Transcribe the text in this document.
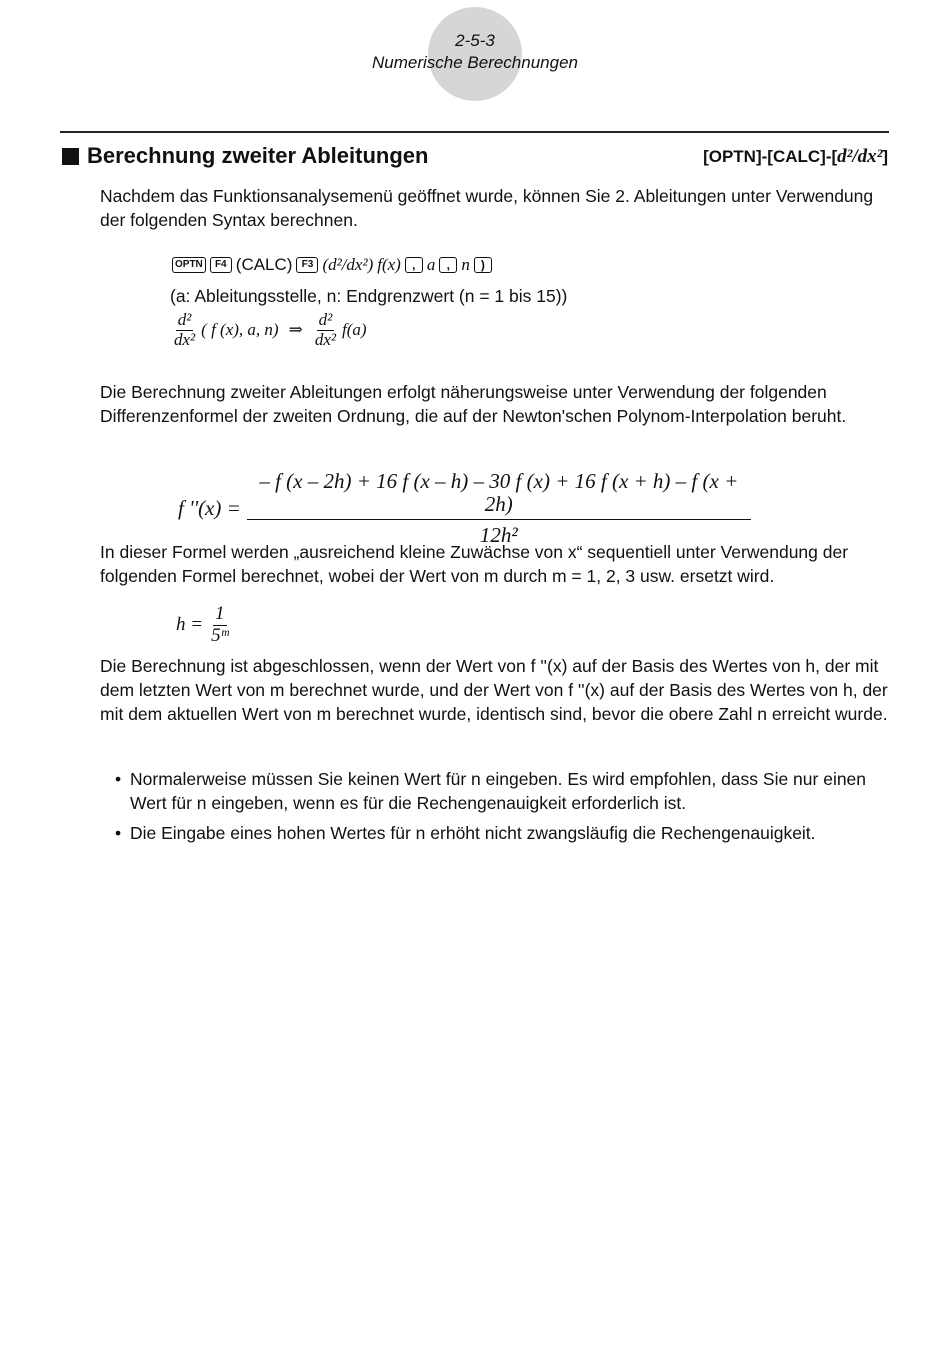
2-5-3
Numerische Berechnungen
Berechnung zweiter Ableitungen	[OPTN]-[CALC]-[d²/dx²]
Nachdem das Funktionsanalysemenü geöffnet wurde, können Sie 2. Ableitungen unter Verwendung der folgenden Syntax berechnen.
OPTN	F4 (CALC) F3 (d²/dx²) f(x) , a , n )
(a: Ableitungsstelle, n: Endgrenzwert (n = 1 bis 15))
$\frac{\text{d²}}{\text{dx²}}$ ( f (x), a, n) ⇒ $\frac{\text{d²}}{\text{dx²}} f(a)$
Die Berechnung zweiter Ableitungen erfolgt näherungsweise unter Verwendung der folgenden Differenzenformel der zweiten Ordnung, die auf der Newton'schen Polynom-Interpolation beruht.
f ''(x) =
– f (x – 2h) + 16 f (x – h) – 30 f (x) + 16 f (x + h) – f (x + 2h)
12h²
In dieser Formel werden „ausreichend kleine Zuwächse von x“ sequentiell unter Verwendung der folgenden Formel berechnet, wobei der Wert von m durch m = 1, 2, 3 usw. ersetzt wird.
$h = \frac{1}{\text{5ᵐ}}$
Die Berechnung ist abgeschlossen, wenn der Wert von f ''(x) auf der Basis des Wertes von h, der mit dem letzten Wert von m berechnet wurde, und der Wert von f ''(x) auf der Basis des Wertes von h, der mit dem aktuellen Wert von m berechnet wurde, identisch sind, bevor die obere Zahl n erreicht wurde.
• Normalerweise müssen Sie keinen Wert für n eingeben. Es wird empfohlen, dass Sie nur einen Wert für n eingeben, wenn es für die Rechengenauigkeit erforderlich ist.
• Die Eingabe eines hohen Wertes für n erhöht nicht zwangsläufig die Rechengenauigkeit.
